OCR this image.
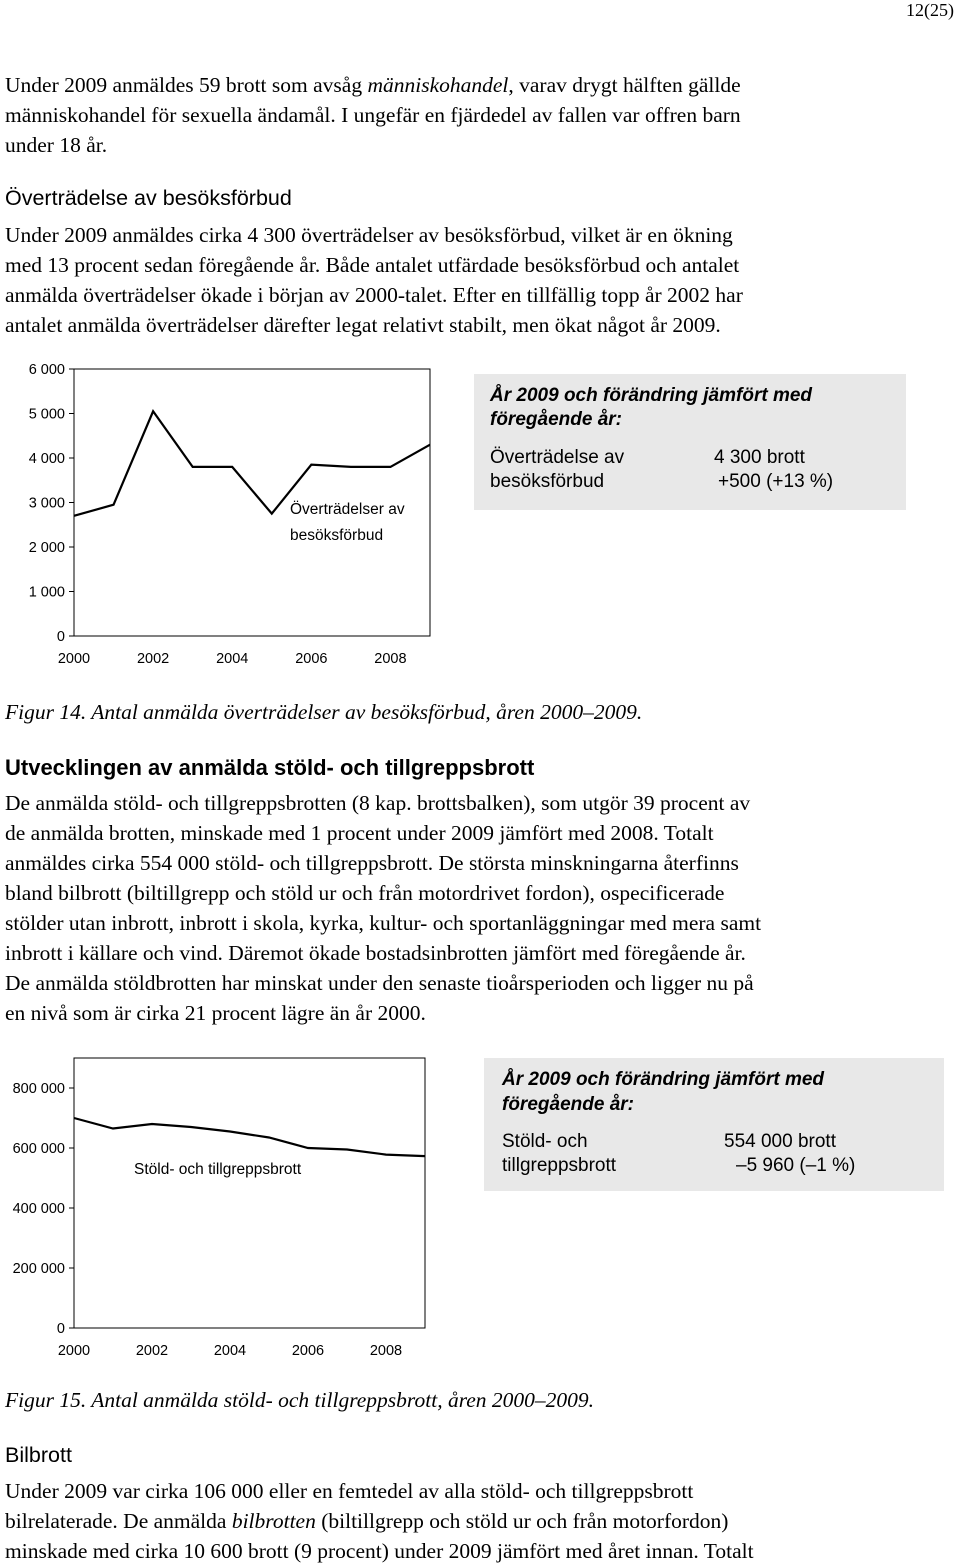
12(25)
Under 2009 anmäldes 59 brott som avsåg människohandel, varav drygt hälften gällde
människohandel för sexuella ändamål. I ungefär en fjärdedel av fallen var offren barn
under 18 år.
Överträdelse av besöksförbud
Under 2009 anmäldes cirka 4 300 överträdelser av besöksförbud, vilket är en ökning
med 13 procent sedan föregående år. Både antalet utfärdade besöksförbud och antalet
anmälda överträdelser ökade i början av 2000-talet. Efter en tillfällig topp år 2002 har
antalet anmälda överträdelser därefter legat relativt stabilt, men ökat något år 2009.
0
1 000
2 000
3 000
4 000
5 000
6 000
2000	2002	2004	2006	2008
Överträdelser av
besöksförbud
År 2009 och förändring jämfört med
föregående år:
Överträdelse av
besöksförbud
4 300 brott
+500 (+13 %)
Figur 14. Antal anmälda överträdelser av besöksförbud, åren 2000–2009.
Utvecklingen av anmälda stöld- och tillgreppsbrott
De anmälda stöld- och tillgreppsbrotten (8 kap. brottsbalken), som utgör 39 procent av
de anmälda brotten, minskade med 1 procent under 2009 jämfört med 2008. Totalt
anmäldes cirka 554 000 stöld- och tillgreppsbrott. De största minskningarna återfinns
bland bilbrott (biltillgrepp och stöld ur och från motordrivet fordon), ospecificerade
stölder utan inbrott, inbrott i skola, kyrka, kultur- och sportanläggningar med mera samt
inbrott i källare och vind. Däremot ökade bostadsinbrotten jämfört med föregående år.
De anmälda stöldbrotten har minskat under den senaste tioårsperioden och ligger nu på
en nivå som är cirka 21 procent lägre än år 2000.
0
200 000
400 000
600 000
800 000
2000	2002	2004	2006	2008
Stöld- och tillgreppsbrott
År 2009 och förändring jämfört med
föregående år:
Stöld- och
tillgreppsbrott
554 000 brott
–5 960 (–1 %)
Figur 15. Antal anmälda stöld- och tillgreppsbrott, åren 2000–2009.
Bilbrott
Under 2009 var cirka 106 000 eller en femtedel av alla stöld- och tillgreppsbrott
bilrelaterade. De anmälda bilbrotten (biltillgrepp och stöld ur och från motorfordon)
minskade med cirka 10 600 brott (9 procent) under 2009 jämfört med året innan. Totalt
